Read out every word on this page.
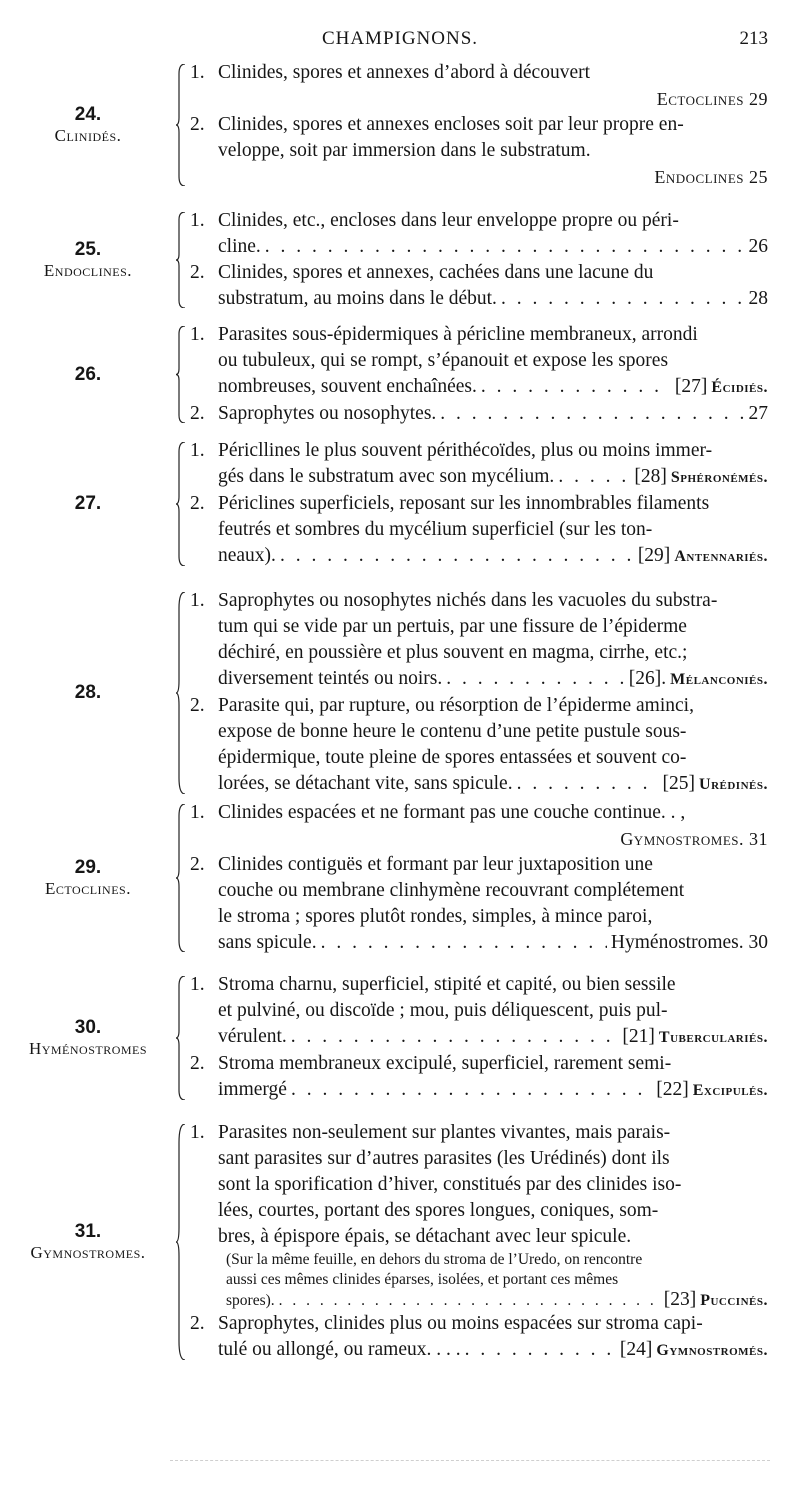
CHAMPIGNONS.	213
24.
Clinidés.
1. Clinides, spores et annexes d’abord à découvert
Ectoclines 29
2. Clinides, spores et annexes encloses soit par leur propre en-
veloppe, soit par immersion dans le substratum.
Endoclines 25
25.
Endoclines.
1. Clinides, etc., encloses dans leur enveloppe propre ou péri-
cline. . . .	26
2. Clinides, spores et annexes, cachées dans une lacune du
substratum, au moins dans le début. . . .	28
26.
1. Parasites sous-épidermiques à péricline membraneux, arrondi
ou tubuleux, qui se rompt, s’épanouit et expose les spores
nombreuses, souvent enchaînées. . . .	[27] Écidiés.
2. Saprophytes ou nosophytes. . . .	27
27.
1. Péricllines le plus souvent périthécoïdes, plus ou moins immer-
gés dans le substratum avec son mycélium. . . .	[28] Sphéronémés.
2. Périclines superficiels, reposant sur les innombrables filaments
feutrés et sombres du mycélium superficiel (sur les ton-
neaux). . . .	[29] Antennariés.
28.
1. Saprophytes ou nosophytes nichés dans les vacuoles du substra-
tum qui se vide par un pertuis, par une fissure de l’épiderme
déchiré, en poussière et plus souvent en magma, cirrhe, etc.;
diversement teintés ou noirs. . . .	[26]. Mélanconiés.
2. Parasite qui, par rupture, ou résorption de l’épiderme aminci,
expose de bonne heure le contenu d’une petite pustule sous-
épidermique, toute pleine de spores entassées et souvent co-
lorées, se détachant vite, sans spicule. . . .	[25] Urédinés.
29.
Ectoclines.
1. Clinides espacées et ne formant pas une couche continue. . ,
Gymnostromes. 31
2. Clinides contiguës et formant par leur juxtaposition une
couche ou membrane clinhymène recouvrant complétement
le stroma ; spores plutôt rondes, simples, à mince paroi,
sans spicule. . . .	Hyménostromes. 30
30.
Hyménostromes
1. Stroma charnu, superficiel, stipité et capité, ou bien sessile
et pulviné, ou discoïde ; mou, puis déliquescent, puis pul-
vérulent. . . .	[21] Tuberculariés.
2. Stroma membraneux excipulé, superficiel, rarement semi-
immergé . . .	[22] Excipulés.
31.
Gymnostromes.
1. Parasites non-seulement sur plantes vivantes, mais parais-
sant parasites sur d’autres parasites (les Urédinés) dont ils
sont la sporification d’hiver, constitués par des clinides iso-
lées, courtes, portant des spores longues, coniques, som-
bres, à épispore épais, se détachant avec leur spicule.
(Sur la même feuille, en dehors du stroma de l’Uredo, on rencontre
aussi ces mêmes clinides éparses, isolées, et portant ces mêmes
spores). . . .	[23] Puccinés.
2. Saprophytes, clinides plus ou moins espacées sur stroma capi-
tulé ou allongé, ou rameux. . . . . . .	[24] Gymnostromés.
